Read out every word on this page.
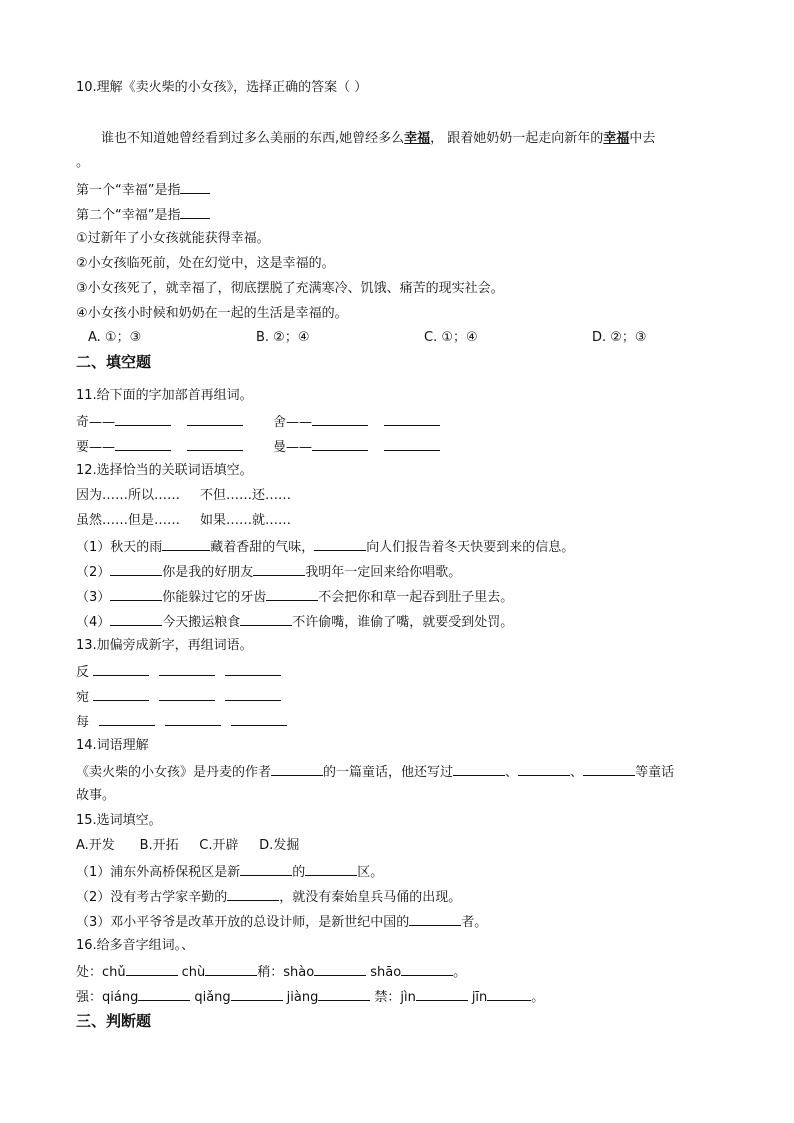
10.理解《卖火柴的小女孩》，选择正确的答案（ ）
谁也不知道她曾经看到过多么美丽的东西,她曾经多么幸福， 跟着她奶奶一起走向新年的幸福中去
。
第一个“幸福”是指
第二个“幸福”是指
①过新年了小女孩就能获得幸福。
②小女孩临死前，处在幻觉中，这是幸福的。
③小女孩死了，就幸福了，彻底摆脱了充满寒冷、饥饿、痛苦的现实社会。
④小女孩小时候和奶奶在一起的生活是幸福的。
A. ①；③	B. ②；④	C. ①；④	D. ②；③
二、填空题
11.给下面的字加部首再组词。
奇——	舍——
要——	曼——
12.选择恰当的关联词语填空。
因为……所以…… 不但……还……
虽然……但是…… 如果……就……
（1）秋天的雨	藏着香甜的气味，	向人们报告着冬天快要到来的信息。
（2）	你是我的好朋友	我明年一定回来给你唱歌。
（3）	你能躲过它的牙齿	不会把你和草一起吞到肚子里去。
（4）	今天搬运粮食	不许偷嘴，谁偷了嘴，就要受到处罚。
13.加偏旁成新字，再组词语。
反
宛
每
14.词语理解
《卖火柴的小女孩》是丹麦的作者	的一篇童话，他还写过	、	、	等童话
故事。
15.选词填空。
A.开发      B.开拓     C.开辟     D.发掘
（1）浦东外高桥保税区是新	的	区。
（2）没有考古学家辛勤的	，就没有秦始皇兵马俑的出现。
（3）邓小平爷爷是改革开放的总设计师，是新世纪中国的	者。
16.给多音字组词。、
处：chǔ	chù	稍：shào	shāo	。
强：qiáng	qiǎng	jiàng	禁：jìn	jīn	。
三、判断题
